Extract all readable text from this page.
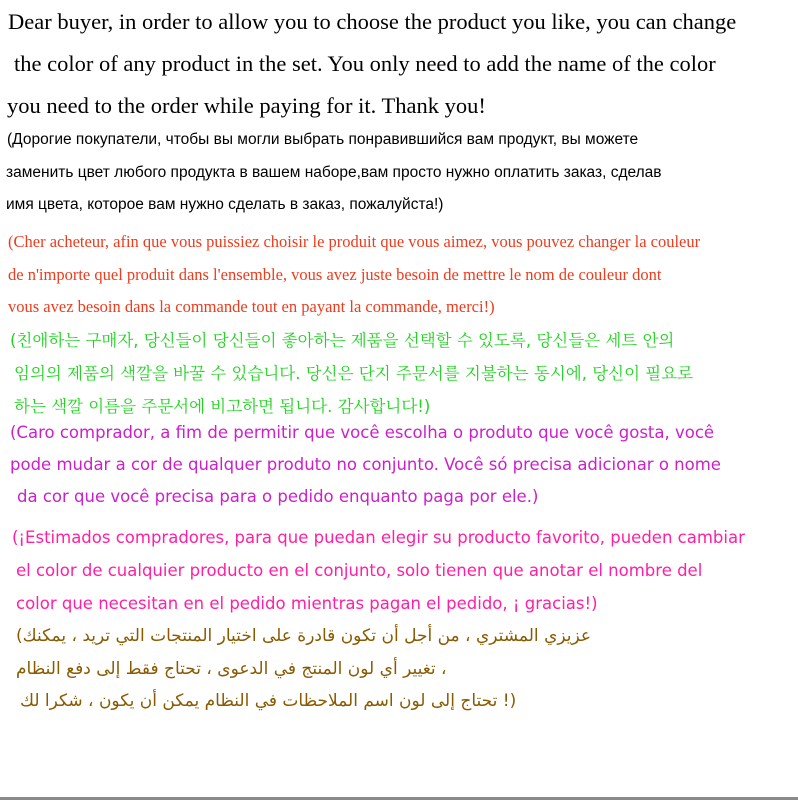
Dear buyer, in order to allow you to choose the product you like, you can change
the color of any product in the set. You only need to add the name of the color
you need to the order while paying for it. Thank you!
(Дорогие покупатели, чтобы вы могли выбрать понравившийся вам продукт, вы можете
заменить цвет любого продукта в вашем наборе,вам просто нужно оплатить заказ, сделав
имя цвета, которое вам нужно сделать в заказ, пожалуйста!)
(Cher acheteur, afin que vous puissiez choisir le produit que vous aimez, vous pouvez changer la couleur
de n'importe quel produit dans l'ensemble, vous avez juste besoin de mettre le nom de couleur dont
vous avez besoin dans la commande tout en payant la commande, merci!)
(친애하는 구매자, 당신들이 당신들이 좋아하는 제품을 선택할 수 있도록, 당신들은 세트 안의
임의의 제품의 색깔을 바꿀 수 있습니다. 당신은 단지 주문서를 지불하는 동시에, 당신이 필요로
하는 색깔 이름을 주문서에 비고하면 됩니다. 감사합니다!)
(Caro comprador, a fim de permitir que você escolha o produto que você gosta, você
pode mudar a cor de qualquer produto no conjunto. Você só precisa adicionar o nome
da cor que você precisa para o pedido enquanto paga por ele.)
(¡Estimados compradores, para que puedan elegir su producto favorito, pueden cambiar
el color de cualquier producto en el conjunto, solo tienen que anotar el nombre del
color que necesitan en el pedido mientras pagan el pedido, ¡ gracias!)
(عزيزي المشتري ، من أجل أن تكون قادرة على اختيار المنتجات التي تريد ، يمكنك
تغيير أي لون المنتج في الدعوى ، تحتاج فقط إلى دفع النظام ،
تحتاج إلى لون اسم الملاحظات في النظام يمكن أن يكون ، شكرا لك !)
